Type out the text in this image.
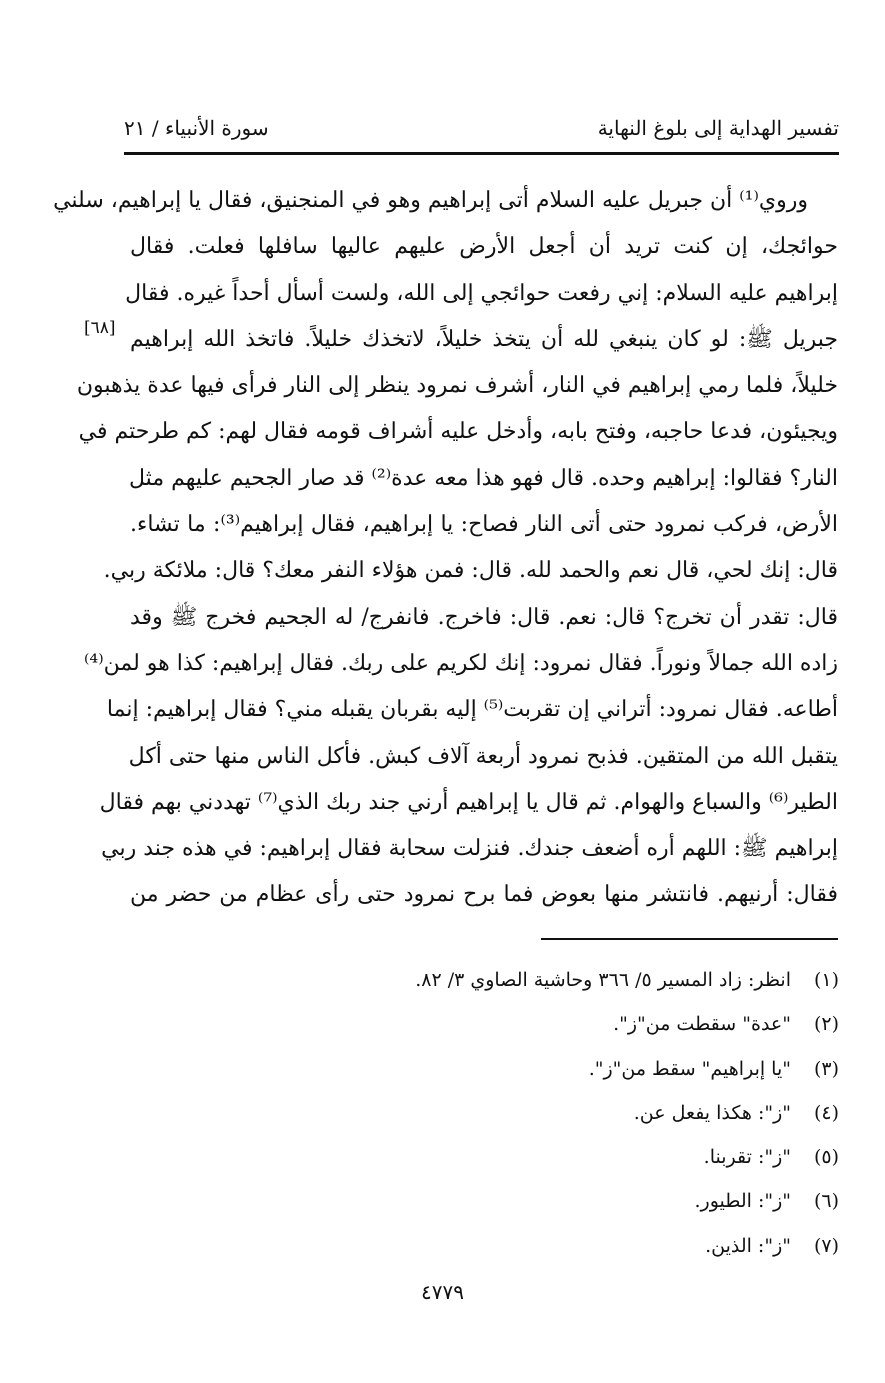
تفسير الهداية إلى بلوغ النهاية
سورة الأنبياء / ٢١
[٦٨]
وروي⁽¹⁾ أن جبريل عليه السلام أتى إبراهيم وهو في المنجنيق، فقال يا إبراهيم، سلني
حوائجك، إن كنت تريد أن أجعل الأرض عليهم عاليها سافلها فعلت. فقال
إبراهيم عليه السلام: إني رفعت حوائجي إلى الله، ولست أسأل أحداً غيره. فقال
جبريل ﷺ: لو كان ينبغي لله أن يتخذ خليلاً، لاتخذك خليلاً. فاتخذ الله إبراهيم
خليلاً، فلما رمي إبراهيم في النار، أشرف نمرود ينظر إلى النار فرأى فيها عدة يذهبون
ويجيئون، فدعا حاجبه، وفتح بابه، وأدخل عليه أشراف قومه فقال لهم: كم طرحتم في
النار؟ فقالوا: إبراهيم وحده. قال فهو هذا معه عدة⁽²⁾ قد صار الجحيم عليهم مثل
الأرض، فركب نمرود حتى أتى النار فصاح: يا إبراهيم، فقال إبراهيم⁽³⁾: ما تشاء.
قال: إنك لحي، قال نعم والحمد لله. قال: فمن هؤلاء النفر معك؟ قال: ملائكة ربي.
قال: تقدر أن تخرج؟ قال: نعم. قال: فاخرج. فانفرج/ له الجحيم فخرج ﷺ وقد
زاده الله جمالاً ونوراً. فقال نمرود: إنك لكريم على ربك. فقال إبراهيم: كذا هو لمن⁽⁴⁾
أطاعه. فقال نمرود: أتراني إن تقربت⁽⁵⁾ إليه بقربان يقبله مني؟ فقال إبراهيم: إنما
يتقبل الله من المتقين. فذبح نمرود أربعة آلاف كبش. فأكل الناس منها حتى أكل
الطير⁽⁶⁾ والسباع والهوام. ثم قال يا إبراهيم أرني جند ربك الذي⁽⁷⁾ تهددني بهم فقال
إبراهيم ﷺ: اللهم أره أضعف جندك. فنزلت سحابة فقال إبراهيم: في هذه جند ربي
فقال: أرنيهم. فانتشر منها بعوض فما برح نمرود حتى رأى عظام من حضر من
(١)انظر: زاد المسير ٥/ ٣٦٦ وحاشية الصاوي ٣/ ٨٢.
(٢)"عدة" سقطت من"ز".
(٣)"يا إبراهيم" سقط من"ز".
(٤)"ز": هكذا يفعل عن.
(٥)"ز": تقربنا.
(٦)"ز": الطيور.
(٧)"ز": الذين.
٤٧٧٩
